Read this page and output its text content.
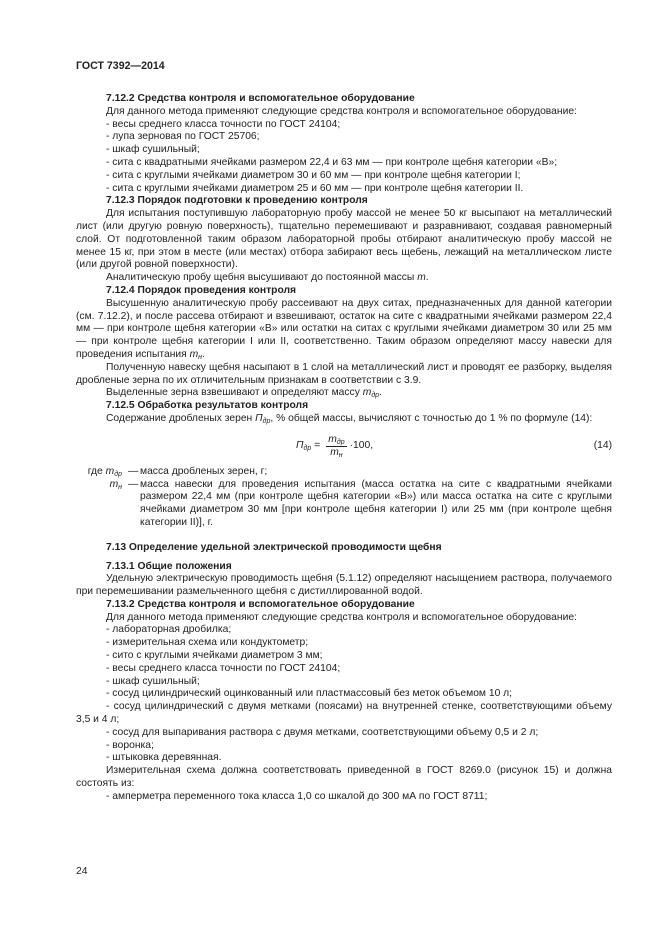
ГОСТ 7392—2014
7.12.2 Средства контроля и вспомогательное оборудование
Для данного метода применяют следующие средства контроля и вспомогательное оборудование:
- весы среднего класса точности по ГОСТ 24104;
- лупа зерновая по ГОСТ 25706;
- шкаф сушильный;
- сита с квадратными ячейками размером 22,4 и 63 мм — при контроле щебня категории «В»;
- сита с круглыми ячейками диаметром 30 и 60 мм — при контроле щебня категории I;
- сита с круглыми ячейками диаметром 25 и 60 мм — при контроле щебня категории II.
7.12.3 Порядок подготовки к проведению контроля
Для испытания поступившую лабораторную пробу массой не менее 50 кг высыпают на металлический лист (или другую ровную поверхность), тщательно перемешивают и разравнивают, создавая равномерный слой. От подготовленной таким образом лабораторной пробы отбирают аналитическую пробу массой не менее 15 кг, при этом в месте (или местах) отбора забирают весь щебень, лежащий на металлическом листе (или другой ровной поверхности).
Аналитическую пробу щебня высушивают до постоянной массы m.
7.12.4 Порядок проведения контроля
Высушенную аналитическую пробу рассеивают на двух ситах, предназначенных для данной категории (см. 7.12.2), и после рассева отбирают и взвешивают, остаток на сите с квадратными ячейками размером 22,4 мм — при контроле щебня категории «В» или остатки на ситах с круглыми ячейками диаметром 30 или 25 мм — при контроле щебня категории I или II, соответственно. Таким образом определяют массу навески для проведения испытания $m_н$.
Полученную навеску щебня насыпают в 1 слой на металлический лист и проводят ее разборку, выделяя дробленые зерна по их отличительным признакам в соответствии с 3.9.
Выделенные зерна взвешивают и определяют массу $m_{др}$.
7.12.5 Обработка результатов контроля
Содержание дробленых зерен $П_{др}$, % общей массы, вычисляют с точностью до 1 % по формуле (14):
$П_{др} = \frac{m_{др}}{m_н} \cdot 100$,	(14)
где $m_{др}$ — масса дробленых зерен, г;
$m_н$ — масса навески для проведения испытания (масса остатка на сите с квадратными ячейками размером 22,4 мм (при контроле щебня категории «В») или масса остатка на сите с круглыми ячейками диаметром 30 мм [при контроле щебня категории I) или 25 мм (при контроле щебня категории II)], г.
7.13 Определение удельной электрической проводимости щебня
7.13.1 Общие положения
Удельную электрическую проводимость щебня (5.1.12) определяют насыщением раствора, получаемого при перемешивании размельченного щебня с дистиллированной водой.
7.13.2 Средства контроля и вспомогательное оборудование
Для данного метода применяют следующие средства контроля и вспомогательное оборудование:
- лабораторная дробилка;
- измерительная схема или кондуктометр;
- сито с круглыми ячейками диаметром 3 мм;
- весы среднего класса точности по ГОСТ 24104;
- шкаф сушильный;
- сосуд цилиндрический оцинкованный или пластмассовый без меток объемом 10 л;
- сосуд цилиндрический с двумя метками (поясами) на внутренней стенке, соответствующими объему 3,5 и 4 л;
- сосуд для выпаривания раствора с двумя метками, соответствующими объему 0,5 и 2 л;
- воронка;
- штыковка деревянная.
Измерительная схема должна соответствовать приведенной в ГОСТ 8269.0 (рисунок 15) и должна состоять из:
- амперметра переменного тока класса 1,0 со шкалой до 300 мА по ГОСТ 8711;
24
